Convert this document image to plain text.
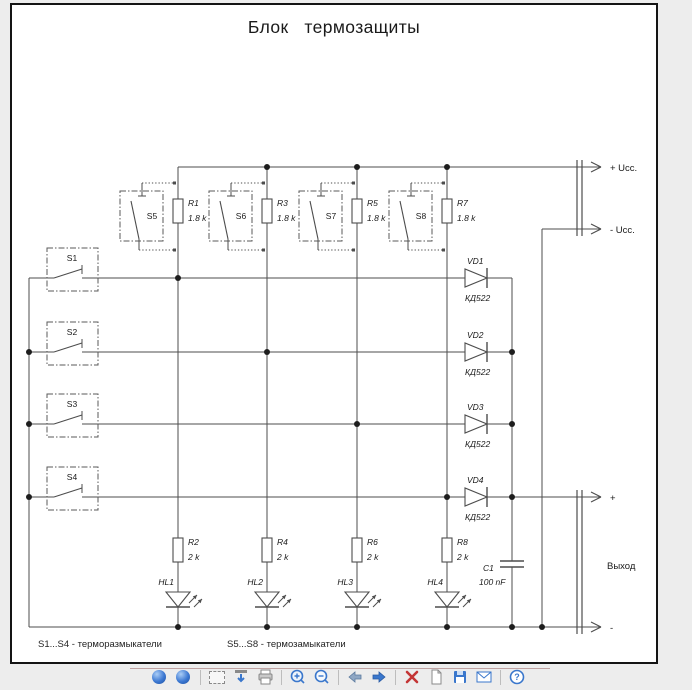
Блок   термозащиты
+ Ucc.
- Ucc.
+
-
Выход
R1
1.8 k
R3
1.8 k
R5
1.8 k
R7
1.8 k
R2
2 k
R4
2 k
R6
2 k
R8
2 k
VD1
КД522
VD2
КД522
VD3
КД522
VD4
КД522
HL1	HL2	HL3	HL4
S5	S6	S7	S8
S1
S2
S3
S4
C1
100 nF
S1...S4 - терморазмыкатели	S5...S8 - термозамыкатели
?
